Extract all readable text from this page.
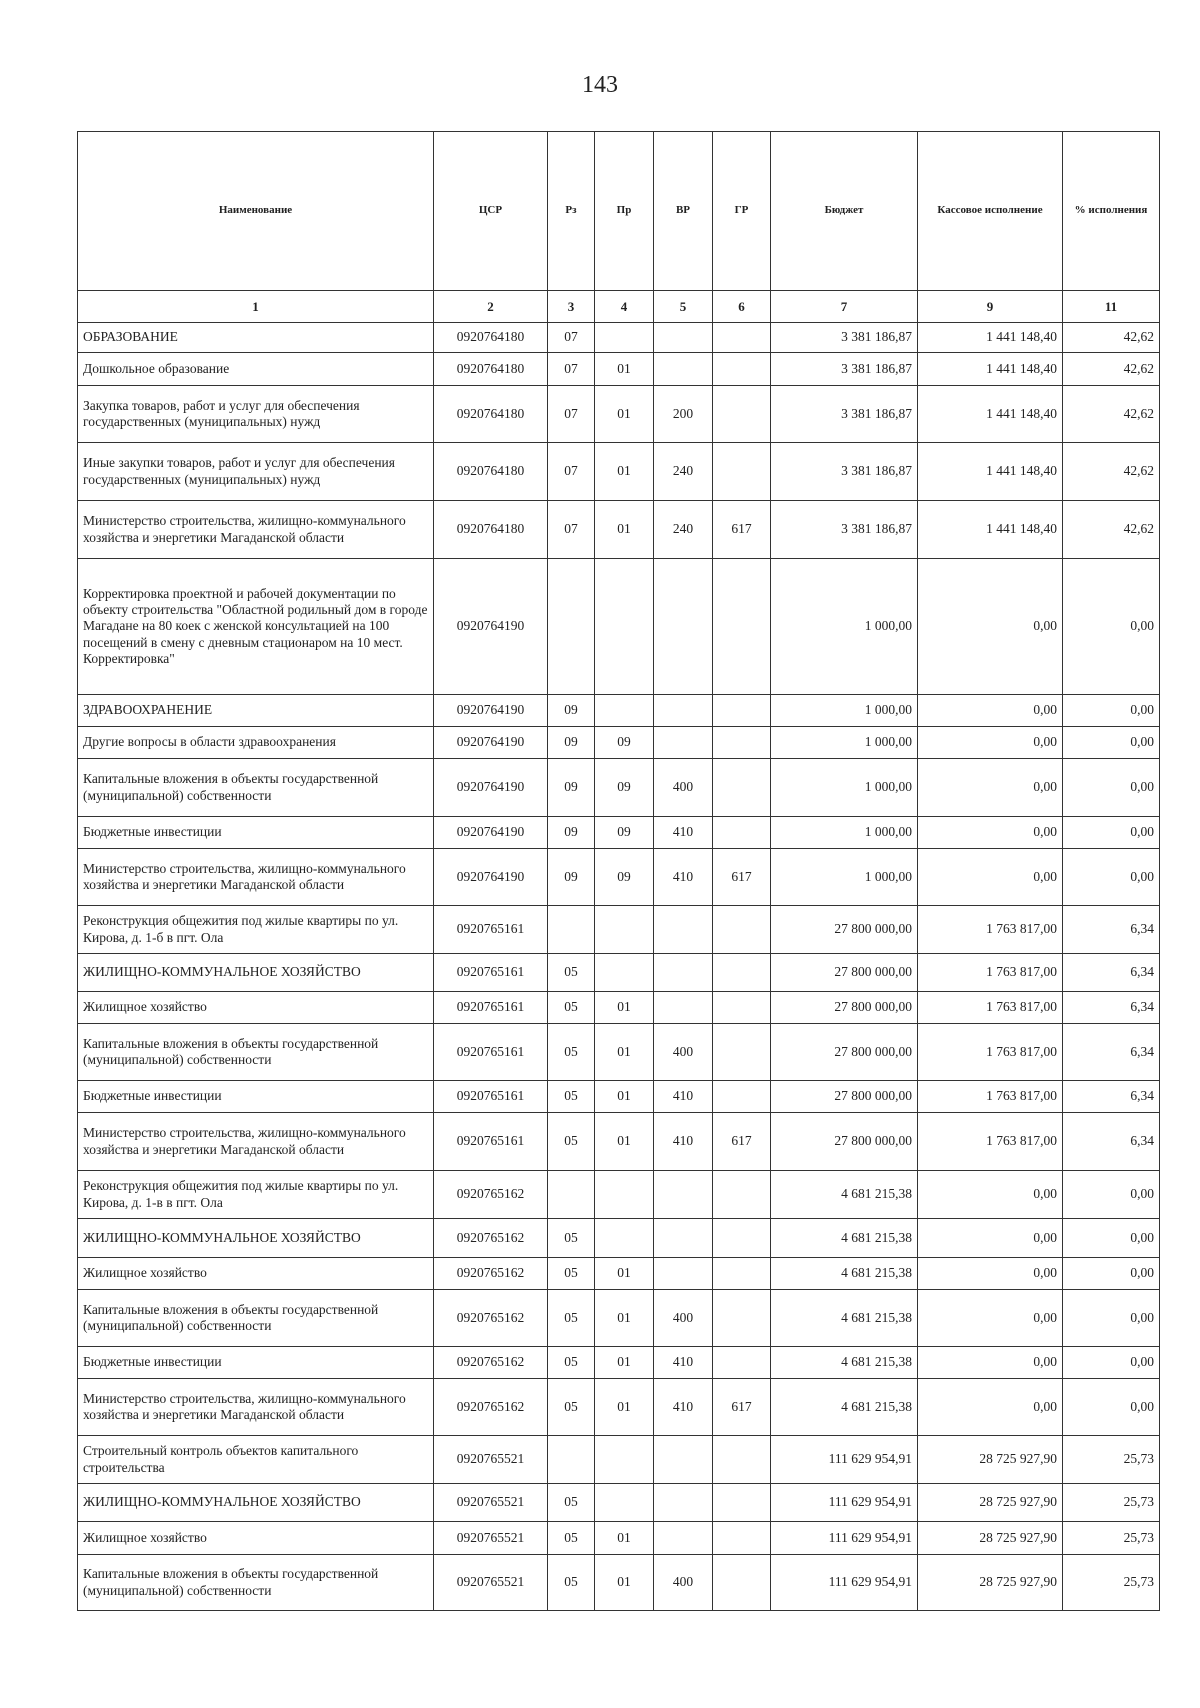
143
Наименование	ЦСР	Рз	Пр	ВР	ГР	Бюджет	Кассовое исполнение	% исполнения
1	2	3	4	5	6	7	9	11
ОБРАЗОВАНИЕ	0920764180	07				3 381 186,87	1 441 148,40	42,62
Дошкольное образование	0920764180	07	01			3 381 186,87	1 441 148,40	42,62
Закупка товаров, работ и услуг для обеспечения государственных (муниципальных) нужд	0920764180	07	01	200		3 381 186,87	1 441 148,40	42,62
Иные закупки товаров, работ и услуг для обеспечения государственных (муниципальных) нужд	0920764180	07	01	240		3 381 186,87	1 441 148,40	42,62
Министерство строительства, жилищно-коммунального хозяйства и энергетики Магаданской области	0920764180	07	01	240	617	3 381 186,87	1 441 148,40	42,62
Корректировка проектной и рабочей документации по объекту строительства "Областной родильный дом в городе Магадане на 80 коек с женской консультацией на 100 посещений в смену с дневным стационаром на 10 мест. Корректировка"	0920764190					1 000,00	0,00	0,00
ЗДРАВООХРАНЕНИЕ	0920764190	09				1 000,00	0,00	0,00
Другие вопросы в области здравоохранения	0920764190	09	09			1 000,00	0,00	0,00
Капитальные вложения в объекты государственной (муниципальной) собственности	0920764190	09	09	400		1 000,00	0,00	0,00
Бюджетные инвестиции	0920764190	09	09	410		1 000,00	0,00	0,00
Министерство строительства, жилищно-коммунального хозяйства и энергетики Магаданской области	0920764190	09	09	410	617	1 000,00	0,00	0,00
Реконструкция общежития под жилые квартиры по ул. Кирова, д. 1-б в пгт. Ола	0920765161					27 800 000,00	1 763 817,00	6,34
ЖИЛИЩНО-КОММУНАЛЬНОЕ ХОЗЯЙСТВО	0920765161	05				27 800 000,00	1 763 817,00	6,34
Жилищное хозяйство	0920765161	05	01			27 800 000,00	1 763 817,00	6,34
Капитальные вложения в объекты государственной (муниципальной) собственности	0920765161	05	01	400		27 800 000,00	1 763 817,00	6,34
Бюджетные инвестиции	0920765161	05	01	410		27 800 000,00	1 763 817,00	6,34
Министерство строительства, жилищно-коммунального хозяйства и энергетики Магаданской области	0920765161	05	01	410	617	27 800 000,00	1 763 817,00	6,34
Реконструкция общежития под жилые квартиры по ул. Кирова, д. 1-в в пгт. Ола	0920765162					4 681 215,38	0,00	0,00
ЖИЛИЩНО-КОММУНАЛЬНОЕ ХОЗЯЙСТВО	0920765162	05				4 681 215,38	0,00	0,00
Жилищное хозяйство	0920765162	05	01			4 681 215,38	0,00	0,00
Капитальные вложения в объекты государственной (муниципальной) собственности	0920765162	05	01	400		4 681 215,38	0,00	0,00
Бюджетные инвестиции	0920765162	05	01	410		4 681 215,38	0,00	0,00
Министерство строительства, жилищно-коммунального хозяйства и энергетики Магаданской области	0920765162	05	01	410	617	4 681 215,38	0,00	0,00
Строительный контроль объектов капитального строительства	0920765521					111 629 954,91	28 725 927,90	25,73
ЖИЛИЩНО-КОММУНАЛЬНОЕ ХОЗЯЙСТВО	0920765521	05				111 629 954,91	28 725 927,90	25,73
Жилищное хозяйство	0920765521	05	01			111 629 954,91	28 725 927,90	25,73
Капитальные вложения в объекты государственной (муниципальной) собственности	0920765521	05	01	400		111 629 954,91	28 725 927,90	25,73
